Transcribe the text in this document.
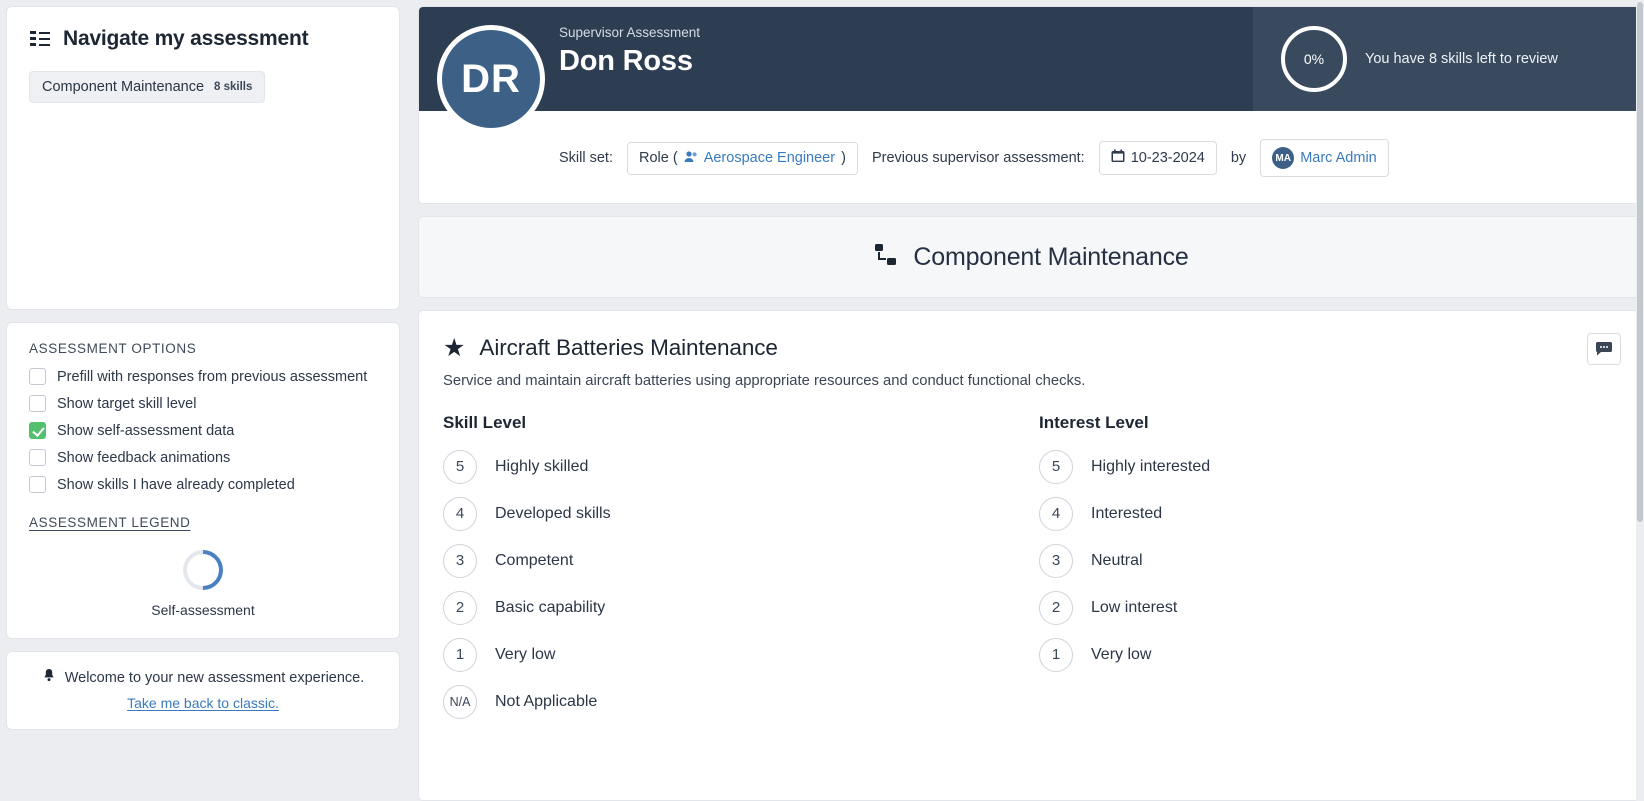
Navigate my assessment
Component Maintenance 8 skills
ASSESSMENT OPTIONS
Prefill with responses from previous assessment
Show target skill level
Show self-assessment data
Show feedback animations
Show skills I have already completed
ASSESSMENT LEGEND
Self-assessment
Welcome to your new assessment experience.
Take me back to classic.
DR
Supervisor Assessment
Don Ross	0%	You have 8 skills left to review
Skill set: Role ( Aerospace Engineer ) Previous supervisor assessment:	10-23-2024 by	MA Marc Admin
Component Maintenance
★ Aircraft Batteries Maintenance
Service and maintain aircraft batteries using appropriate resources and conduct functional checks.
Skill Level
5	Highly skilled
4	Developed skills
3	Competent
2	Basic capability
1	Very low
N/A	Not Applicable
Interest Level
5	Highly interested
4	Interested
3	Neutral
2	Low interest
1	Very low
